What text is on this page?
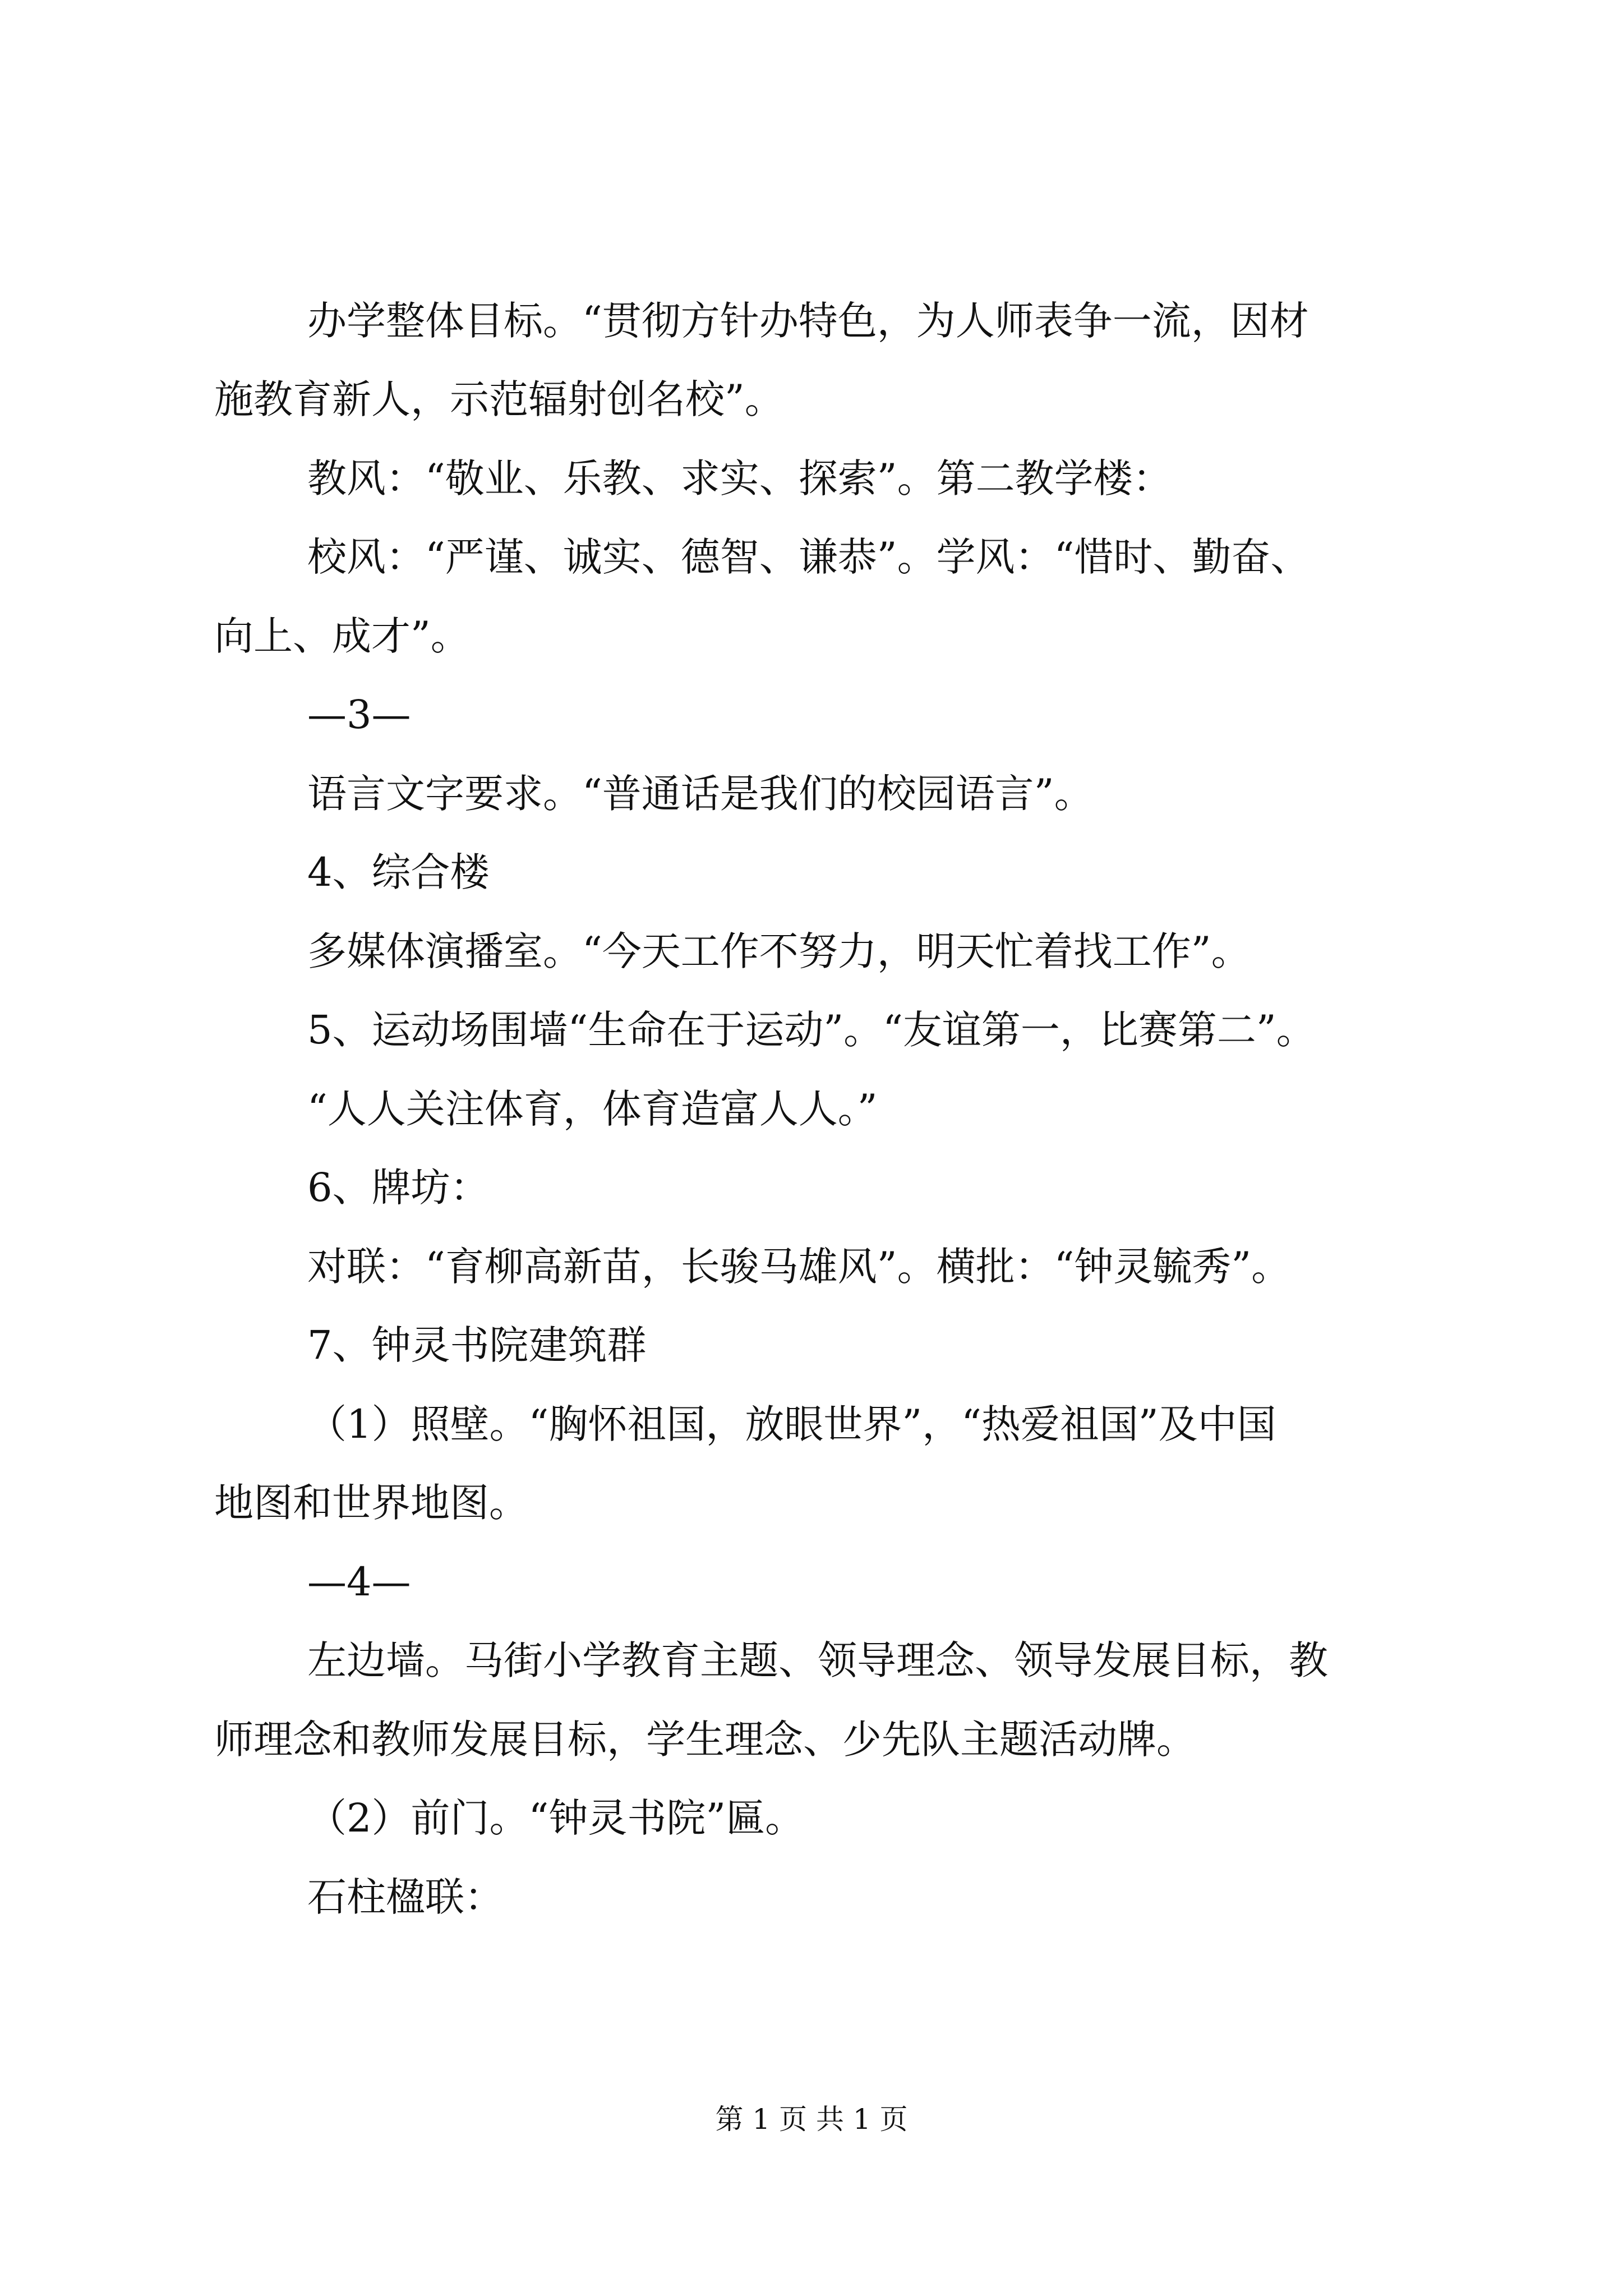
办学整体目标。“贯彻方针办特色，为人师表争一流，因材
施教育新人，示范辐射创名校”。
教风：“敬业、乐教、求实、探索”。第二教学楼：
校风：“严谨、诚实、德智、谦恭”。学风：“惜时、勤奋、
向上、成才”。
—3—
语言文字要求。“普通话是我们的校园语言”。
4、综合楼
多媒体演播室。“今天工作不努力，明天忙着找工作”。
5、运动场围墙“生命在于运动”。“友谊第一，比赛第二”。
“人人关注体育，体育造富人人。”
6、牌坊：
对联：“育柳高新苗，长骏马雄风”。横批：“钟灵毓秀”。
7、钟灵书院建筑群
（1）照壁。“胸怀祖国，放眼世界”，“热爱祖国”及中国
地图和世界地图。
—4—
左边墙。马街小学教育主题、领导理念、领导发展目标，教
师理念和教师发展目标，学生理念、少先队主题活动牌。
（2）前门。“钟灵书院”匾。
石柱楹联：
第 1 页 共 1 页
